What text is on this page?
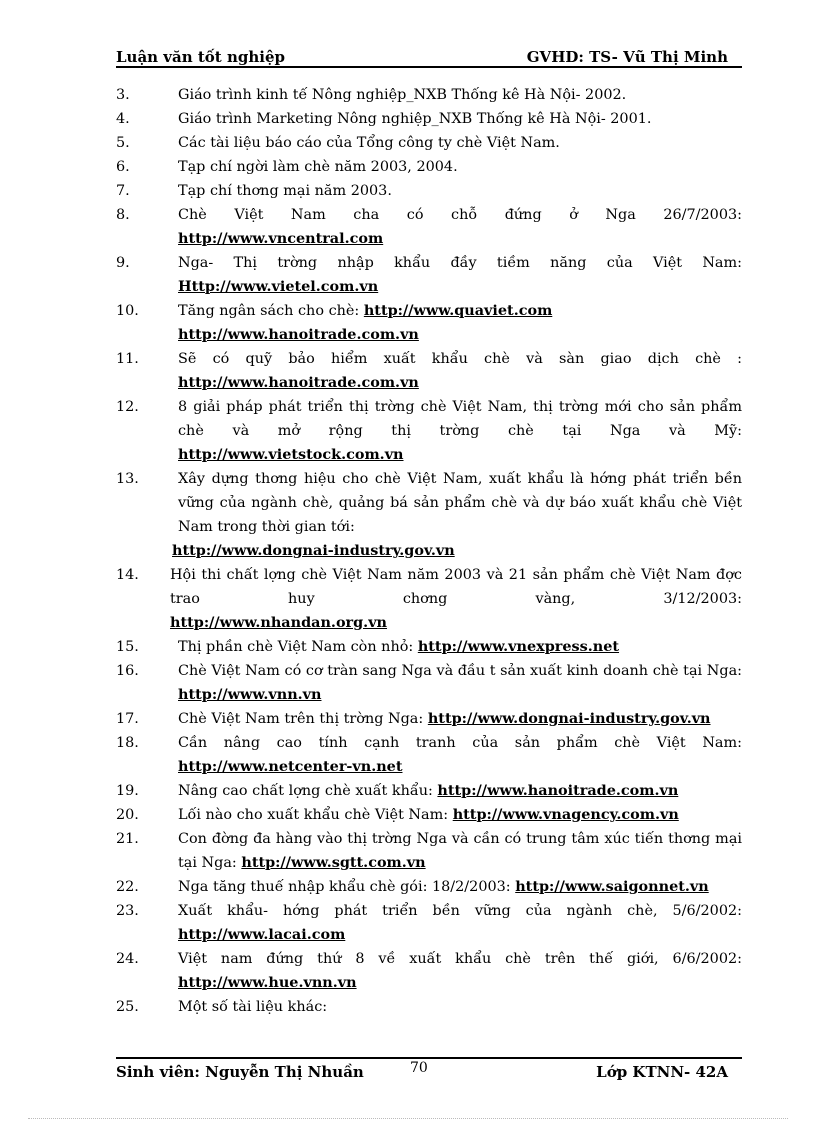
Luận văn tốt nghiệp	GVHD: TS- Vũ Thị Minh
3.	Giáo trình kinh tế Nông nghiệp_NXB Thống kê Hà Nội- 2002.
4.	Giáo trình Marketing Nông nghiệp_NXB Thống kê Hà Nội- 2001.
5.	Các tài liệu báo cáo của Tổng công ty chè Việt Nam.
6.	Tạp chí ngời làm chè năm 2003, 2004.
7.	Tạp chí thơng mại năm 2003.
8.	Chè Việt Nam cha có chỗ đứng ở Nga 26/7/2003:
http://www.vncentral.com
9.	Nga- Thị trờng nhập khẩu đầy tiềm năng của Việt Nam:
Http://www.vietel.com.vn
10.	Tăng ngân sách cho chè: http://www.quaviet.com
http://www.hanoitrade.com.vn
11.	Sẽ có quỹ bảo hiểm xuất khẩu chè và sàn giao dịch chè :
http://www.hanoitrade.com.vn
12.	8 giải pháp phát triển thị trờng chè Việt Nam, thị trờng mới cho sản phẩm chè và mở rộng thị trờng chè tại Nga và Mỹ:
http://www.vietstock.com.vn
13.	Xây dựng thơng hiệu cho chè Việt Nam, xuất khẩu là hớng phát triển bền vững của ngành chè, quảng bá sản phẩm chè và dự báo xuất khẩu chè Việt Nam trong thời gian tới:
http://www.dongnai-industry.gov.vn
14. Hội thi chất lợng chè Việt Nam năm 2003 và 21 sản phẩm chè Việt Nam đợc trao huy chơng vàng, 3/12/2003:
http://www.nhandan.org.vn
15.	Thị phần chè Việt Nam còn nhỏ: http://www.vnexpress.net
16.	Chè Việt Nam có cơ tràn sang Nga và đầu t sản xuất kinh doanh chè tại Nga: http://www.vnn.vn
17.	Chè Việt Nam trên thị trờng Nga: http://www.dongnai-industry.gov.vn
18.	Cần nâng cao tính cạnh tranh của sản phẩm chè Việt Nam:
http://www.netcenter-vn.net
19.	Nâng cao chất lợng chè xuất khẩu: http://www.hanoitrade.com.vn
20.	Lối nào cho xuất khẩu chè Việt Nam: http://www.vnagency.com.vn
21.	Con đờng đa hàng vào thị trờng Nga và cần có trung tâm xúc tiến thơng mại tại Nga: http://www.sgtt.com.vn
22.	Nga tăng thuế nhập khẩu chè gói: 18/2/2003: http://www.saigonnet.vn
23.	Xuất khẩu- hớng phát triển bền vững của ngành chè, 5/6/2002:
http://www.lacai.com
24.	Việt nam đứng thứ 8 về xuất khẩu chè trên thế giới, 6/6/2002:
http://www.hue.vnn.vn
25.	Một số tài liệu khác:
Sinh viên: Nguyễn Thị Nhuần	Lớp KTNN- 42A
70
